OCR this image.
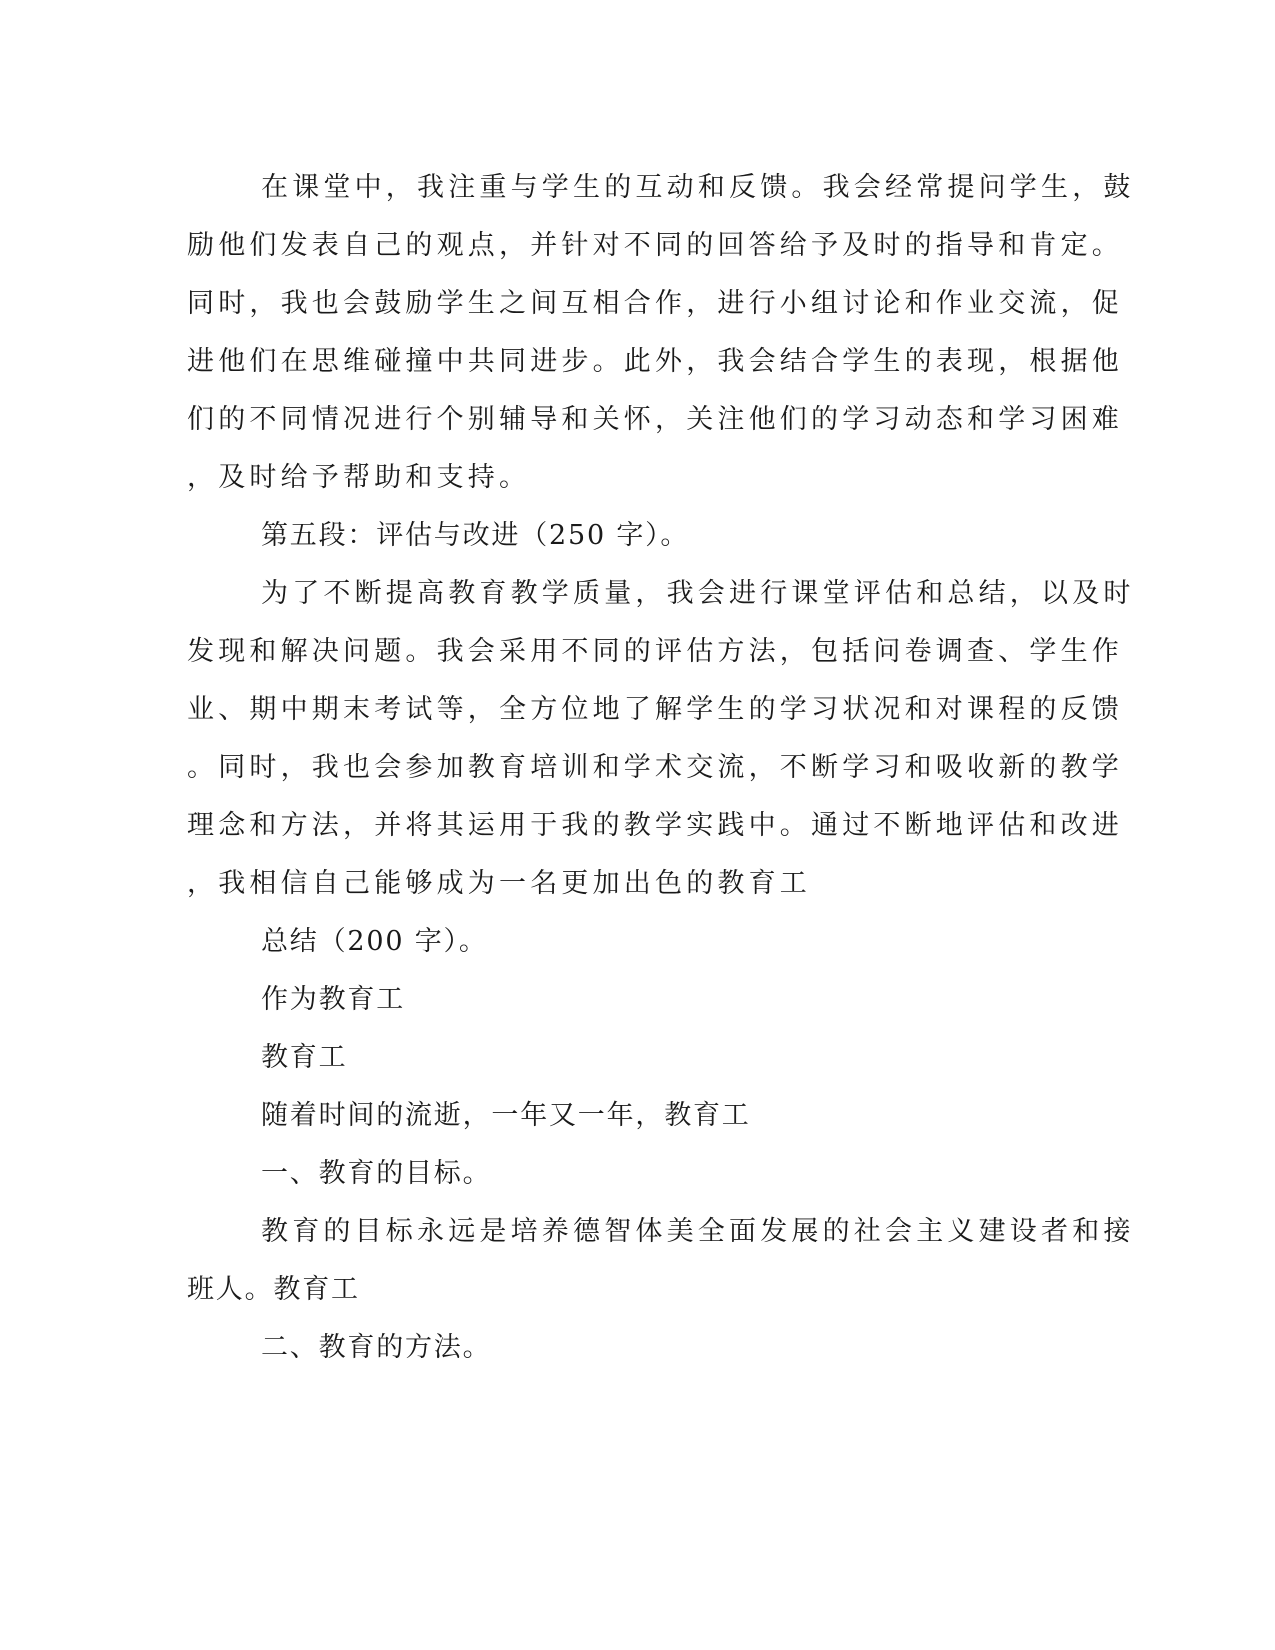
在课堂中，我注重与学生的互动和反馈。我会经常提问学生，鼓

励他们发表自己的观点，并针对不同的回答给予及时的指导和肯定。

同时，我也会鼓励学生之间互相合作，进行小组讨论和作业交流，促

进他们在思维碰撞中共同进步。此外，我会结合学生的表现，根据他

们的不同情况进行个别辅导和关怀，关注他们的学习动态和学习困难

，及时给予帮助和支持。

第五段：评估与改进（250 字）。

为了不断提高教育教学质量，我会进行课堂评估和总结，以及时

发现和解决问题。我会采用不同的评估方法，包括问卷调查、学生作

业、期中期末考试等，全方位地了解学生的学习状况和对课程的反馈

。同时，我也会参加教育培训和学术交流，不断学习和吸收新的教学

理念和方法，并将其运用于我的教学实践中。通过不断地评估和改进

，我相信自己能够成为一名更加出色的教育工

总结（200 字）。

作为教育工

教育工

随着时间的流逝，一年又一年，教育工

一、教育的目标。

教育的目标永远是培养德智体美全面发展的社会主义建设者和接

班人。教育工

二、教育的方法。
